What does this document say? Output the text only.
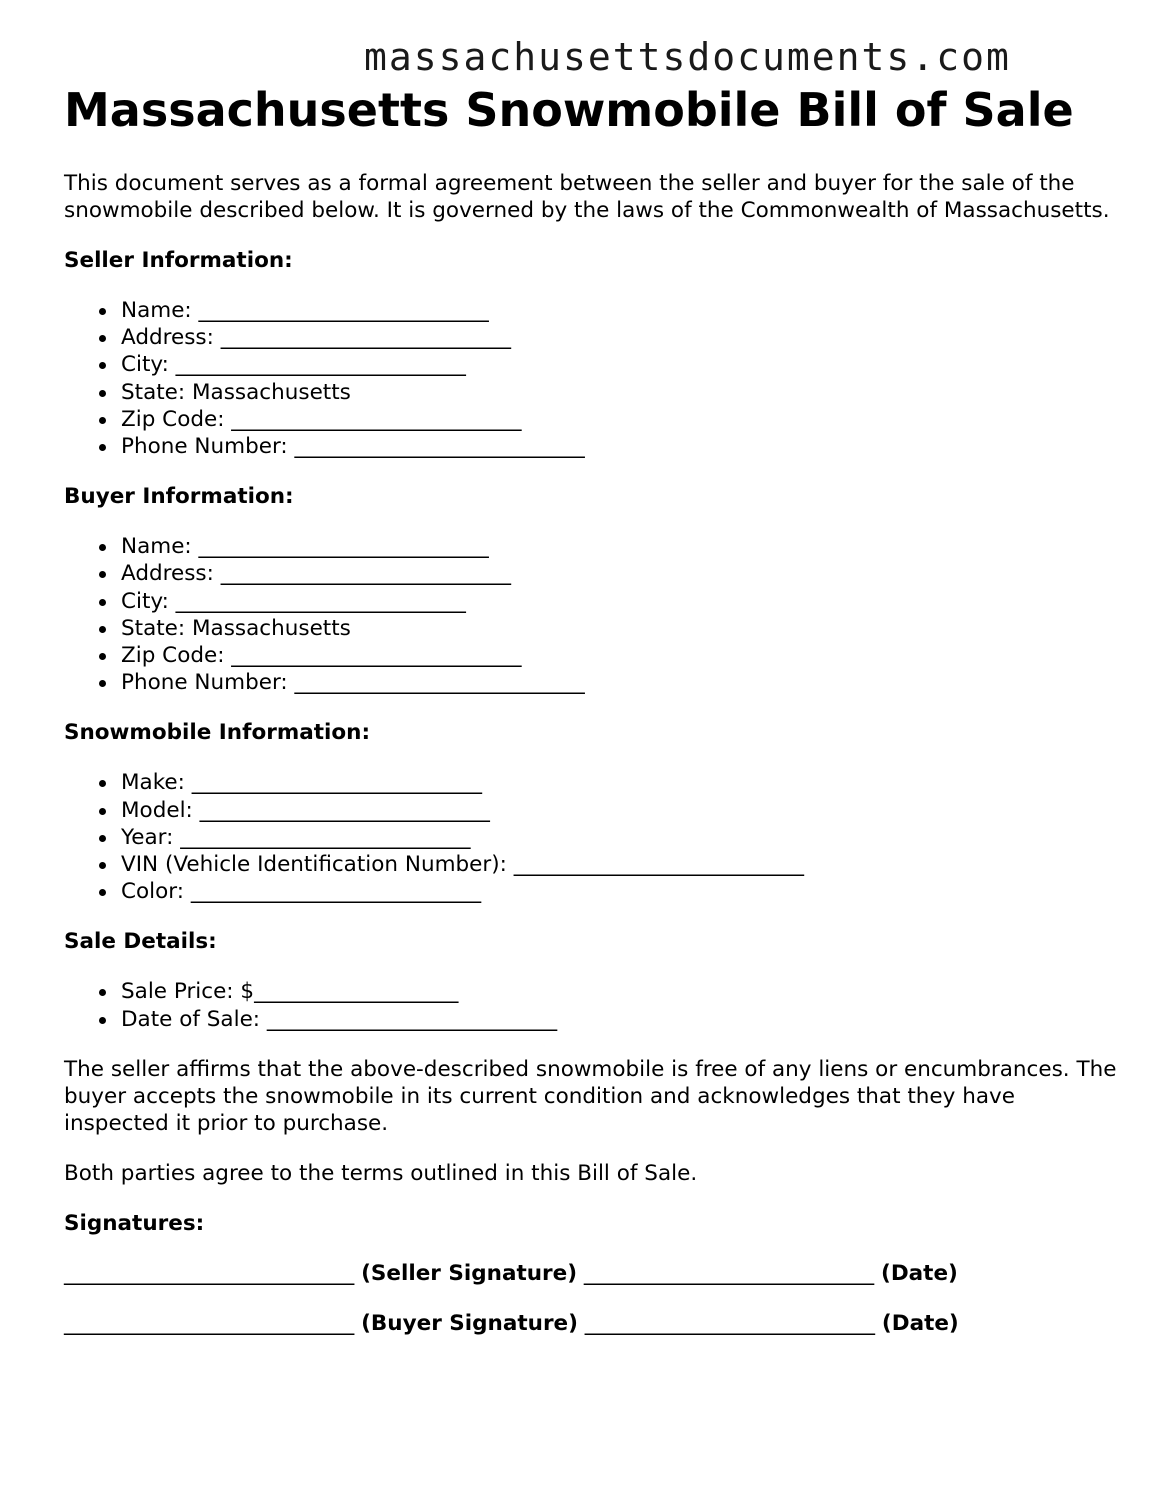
massachusettsdocuments.com
Massachusetts Snowmobile Bill of Sale

This document serves as a formal agreement between the seller and buyer for the sale of the snowmobile described below. It is governed by the laws of the Commonwealth of Massachusetts.

Seller Information:
Name: ___________________________
Address: ___________________________
City: ___________________________
State: Massachusetts
Zip Code: ___________________________
Phone Number: ___________________________
Buyer Information:
Name: ___________________________
Address: ___________________________
City: ___________________________
State: Massachusetts
Zip Code: ___________________________
Phone Number: ___________________________
Snowmobile Information:
Make: ___________________________
Model: ___________________________
Year: ___________________________
VIN (Vehicle Identification Number): ___________________________
Color: ___________________________
Sale Details:
Sale Price: $___________________
Date of Sale: ___________________________

The seller affirms that the above-described snowmobile is free of any liens or encumbrances. The buyer accepts the snowmobile in its current condition and acknowledges that they have inspected it prior to purchase.

Both parties agree to the terms outlined in this Bill of Sale.

Signatures:
___________________________ (Seller Signature) ___________________________ (Date)
___________________________ (Buyer Signature) ___________________________ (Date)
